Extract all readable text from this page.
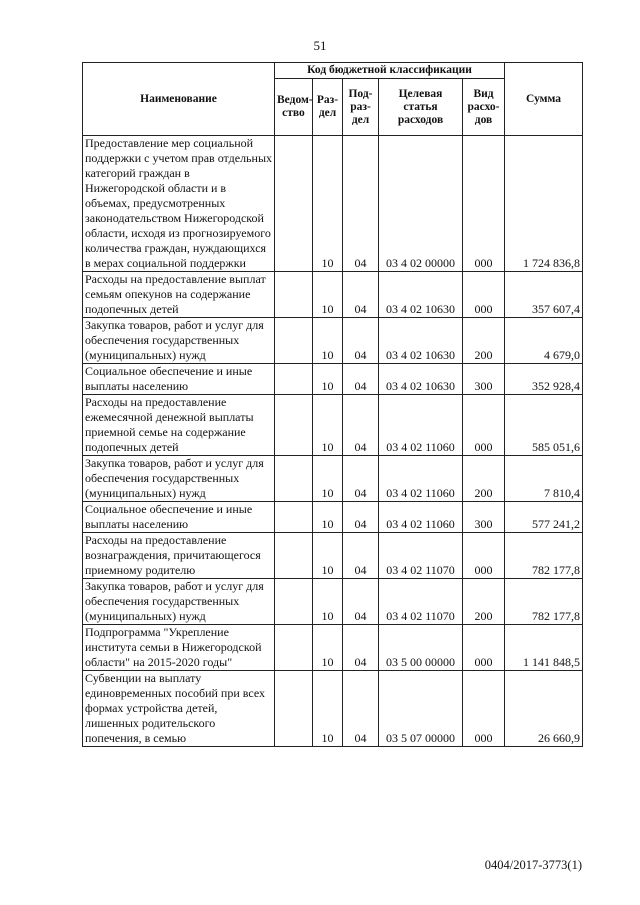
51
Наименование	Код бюджетной классификации					Сумма
	Ведом-ство	Раз-дел	Под-раз-дел	Целевая статья расходов	Вид расхо-дов	
Предоставление мер социальной поддержки с учетом прав отдельных категорий граждан в Нижегородской области и в объемах, предусмотренных законодательством Нижегородской области, исходя из прогнозируемого количества граждан, нуждающихся в мерах социальной поддержки		10	04	03 4 02 00000	000	1 724 836,8
Расходы на предоставление выплат семьям опекунов на содержание подопечных детей		10	04	03 4 02 10630	000	357 607,4
Закупка товаров, работ и услуг для обеспечения государственных (муниципальных) нужд		10	04	03 4 02 10630	200	4 679,0
Социальное обеспечение и иные выплаты населению		10	04	03 4 02 10630	300	352 928,4
Расходы на предоставление ежемесячной денежной выплаты приемной семье на содержание подопечных детей		10	04	03 4 02 11060	000	585 051,6
Закупка товаров, работ и услуг для обеспечения государственных (муниципальных) нужд		10	04	03 4 02 11060	200	7 810,4
Социальное обеспечение и иные выплаты населению		10	04	03 4 02 11060	300	577 241,2
Расходы на предоставление вознаграждения, причитающегося приемному родителю		10	04	03 4 02 11070	000	782 177,8
Закупка товаров, работ и услуг для обеспечения государственных (муниципальных) нужд		10	04	03 4 02 11070	200	782 177,8
Подпрограмма "Укрепление института семьи в Нижегородской области" на 2015-2020 годы"		10	04	03 5 00 00000	000	1 141 848,5
Субвенции на выплату единовременных пособий при всех формах устройства детей, лишенных родительского попечения, в семью		10	04	03 5 07 00000	000	26 660,9
0404/2017-3773(1)
